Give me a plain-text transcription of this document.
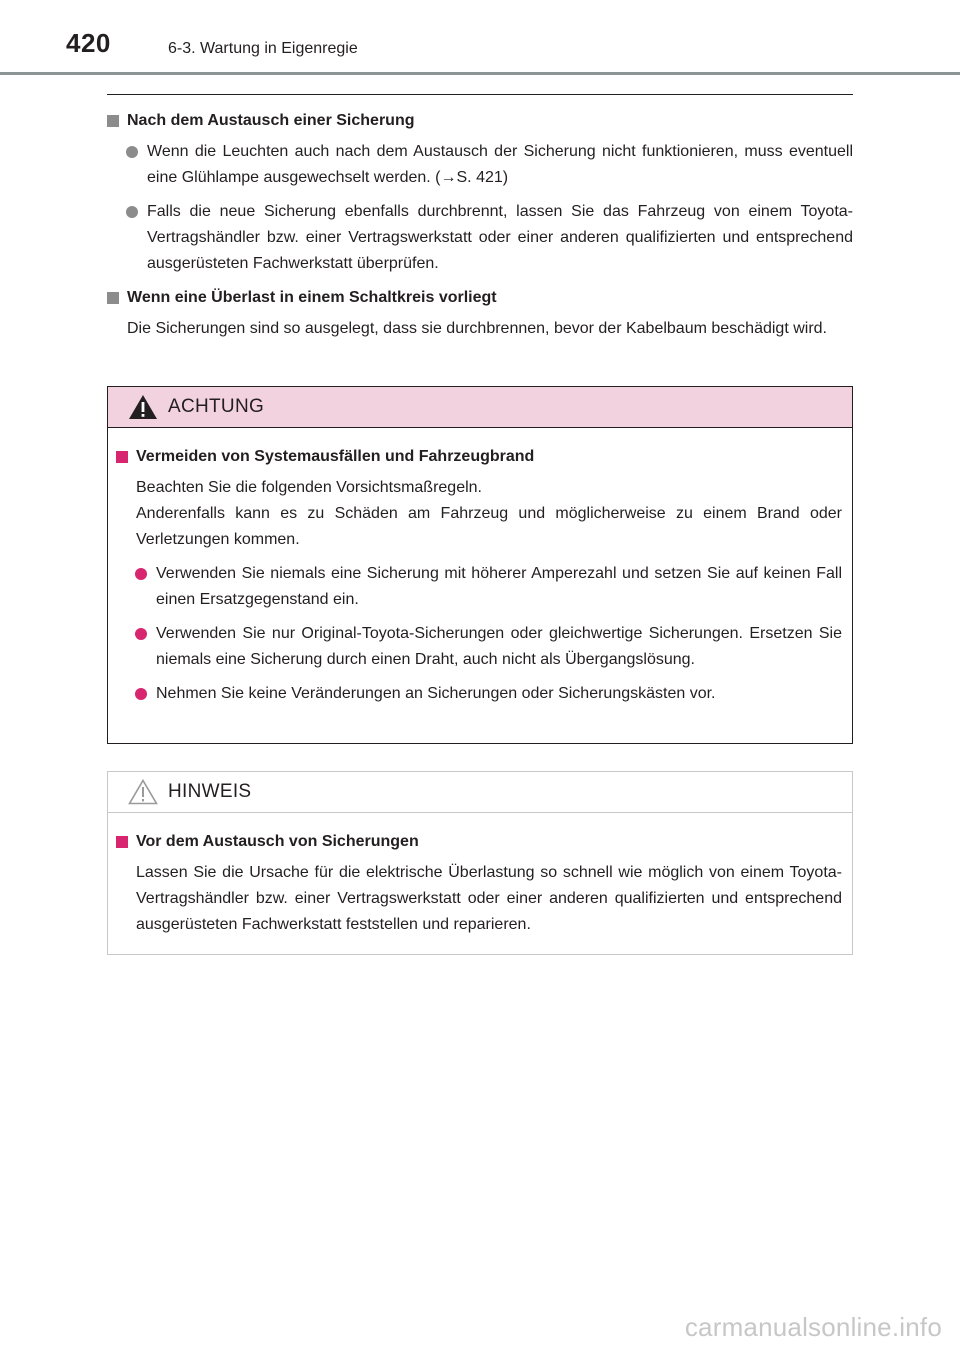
420	6-3. Wartung in Eigenregie
Nach dem Austausch einer Sicherung
Wenn die Leuchten auch nach dem Austausch der Sicherung nicht funktionieren, muss eventuell eine Glühlampe ausgewechselt werden. (→S. 421)
Falls die neue Sicherung ebenfalls durchbrennt, lassen Sie das Fahrzeug von einem Toyota-Vertragshändler bzw. einer Vertragswerkstatt oder einer anderen qualifizierten und entsprechend ausgerüsteten Fachwerkstatt überprüfen.
Wenn eine Überlast in einem Schaltkreis vorliegt
Die Sicherungen sind so ausgelegt, dass sie durchbrennen, bevor der Kabelbaum beschädigt wird.
ACHTUNG
Vermeiden von Systemausfällen und Fahrzeugbrand
Beachten Sie die folgenden Vorsichtsmaßregeln.
Anderenfalls kann es zu Schäden am Fahrzeug und möglicherweise zu einem Brand oder Verletzungen kommen.
Verwenden Sie niemals eine Sicherung mit höherer Amperezahl und setzen Sie auf keinen Fall einen Ersatzgegenstand ein.
Verwenden Sie nur Original-Toyota-Sicherungen oder gleichwertige Sicherungen. Ersetzen Sie niemals eine Sicherung durch einen Draht, auch nicht als Übergangslösung.
Nehmen Sie keine Veränderungen an Sicherungen oder Sicherungskästen vor.
HINWEIS
Vor dem Austausch von Sicherungen
Lassen Sie die Ursache für die elektrische Überlastung so schnell wie möglich von einem Toyota-Vertragshändler bzw. einer Vertragswerkstatt oder einer anderen qualifizierten und entsprechend ausgerüsteten Fachwerkstatt feststellen und reparieren.
carmanualsonline.info
